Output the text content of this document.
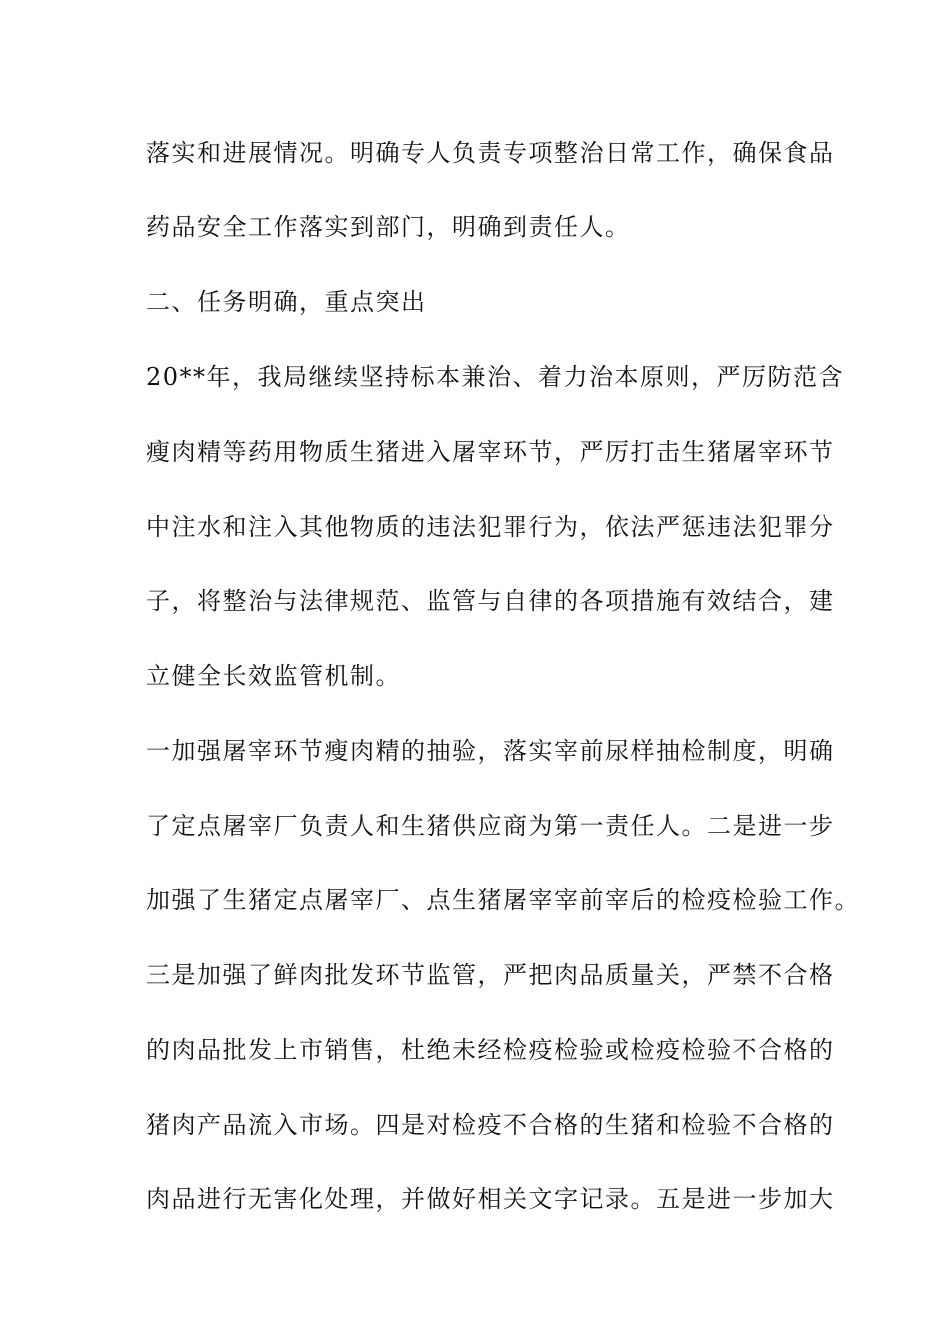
落实和进展情况。明确专人负责专项整治日常工作，确保食品
药品安全工作落实到部门，明确到责任人。
二、任务明确，重点突出
20**年，我局继续坚持标本兼治、着力治本原则，严厉防范含
瘦肉精等药用物质生猪进入屠宰环节，严厉打击生猪屠宰环节
中注水和注入其他物质的违法犯罪行为，依法严惩违法犯罪分
子，将整治与法律规范、监管与自律的各项措施有效结合，建
立健全长效监管机制。
一加强屠宰环节瘦肉精的抽验，落实宰前尿样抽检制度，明确
了定点屠宰厂负责人和生猪供应商为第一责任人。二是进一步
加强了生猪定点屠宰厂、点生猪屠宰宰前宰后的检疫检验工作。
三是加强了鲜肉批发环节监管，严把肉品质量关，严禁不合格
的肉品批发上市销售，杜绝未经检疫检验或检疫检验不合格的
猪肉产品流入市场。四是对检疫不合格的生猪和检验不合格的
肉品进行无害化处理，并做好相关文字记录。五是进一步加大
